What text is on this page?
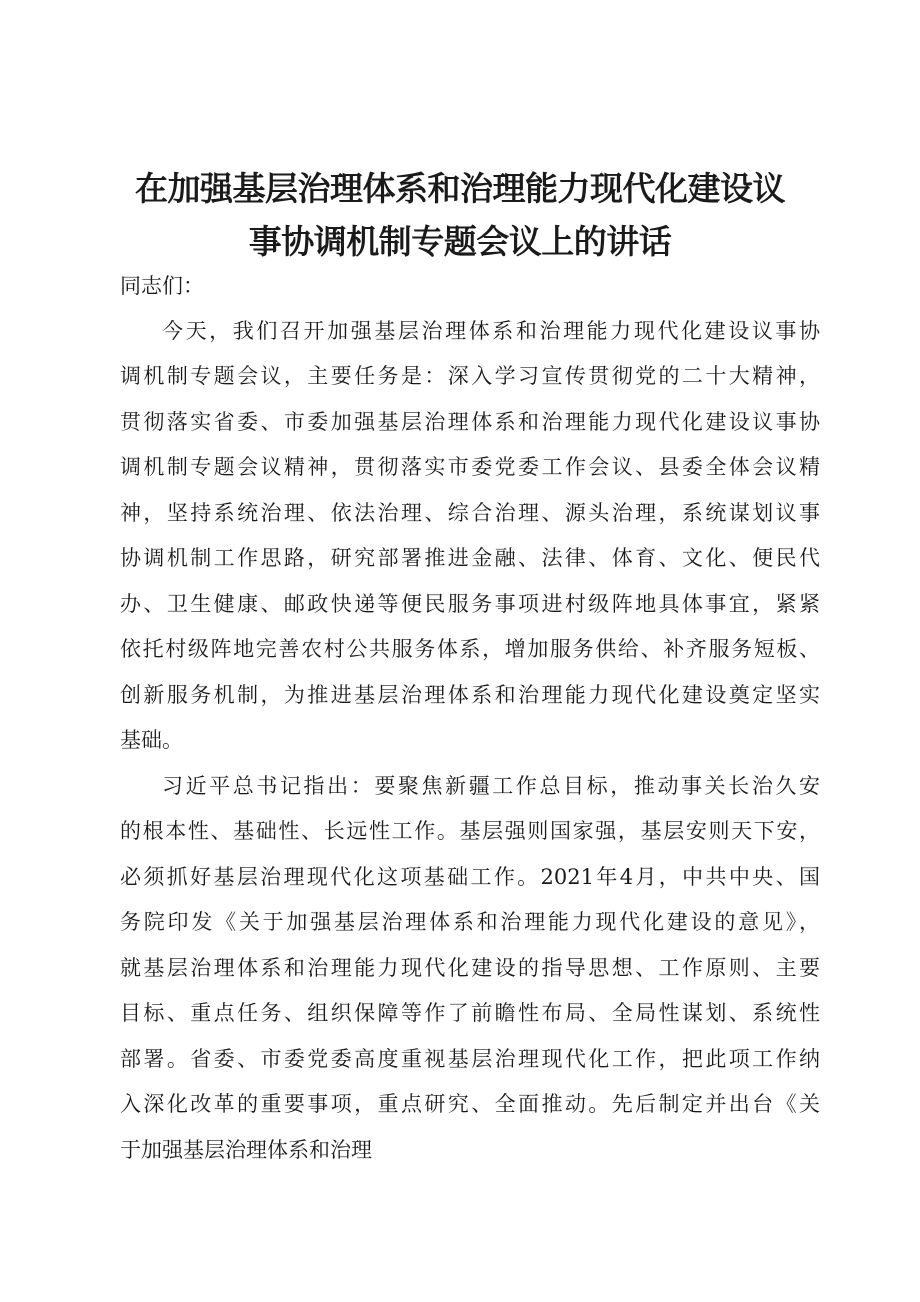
在加强基层治理体系和治理能力现代化建设议
事协调机制专题会议上的讲话

同志们：

今天，我们召开加强基层治理体系和治理能力现代化建设议事协

调机制专题会议，主要任务是：深入学习宣传贯彻党的二十大精神，

贯彻落实省委、市委加强基层治理体系和治理能力现代化建设议事协

调机制专题会议精神，贯彻落实市委党委工作会议、县委全体会议精

神，坚持系统治理、依法治理、综合治理、源头治理，系统谋划议事

协调机制工作思路，研究部署推进金融、法律、体育、文化、便民代

办、卫生健康、邮政快递等便民服务事项进村级阵地具体事宜，紧紧

依托村级阵地完善农村公共服务体系，增加服务供给、补齐服务短板、

创新服务机制，为推进基层治理体系和治理能力现代化建设奠定坚实

基础。

习近平总书记指出：要聚焦新疆工作总目标，推动事关长治久安

的根本性、基础性、长远性工作。基层强则国家强，基层安则天下安，

必须抓好基层治理现代化这项基础工作。2021年4月，中共中央、国

务院印发《关于加强基层治理体系和治理能力现代化建设的意见》，

就基层治理体系和治理能力现代化建设的指导思想、工作原则、主要

目标、重点任务、组织保障等作了前瞻性布局、全局性谋划、系统性

部署。省委、市委党委高度重视基层治理现代化工作，把此项工作纳

入深化改革的重要事项，重点研究、全面推动。先后制定并出台《关

于加强基层治理体系和治理
